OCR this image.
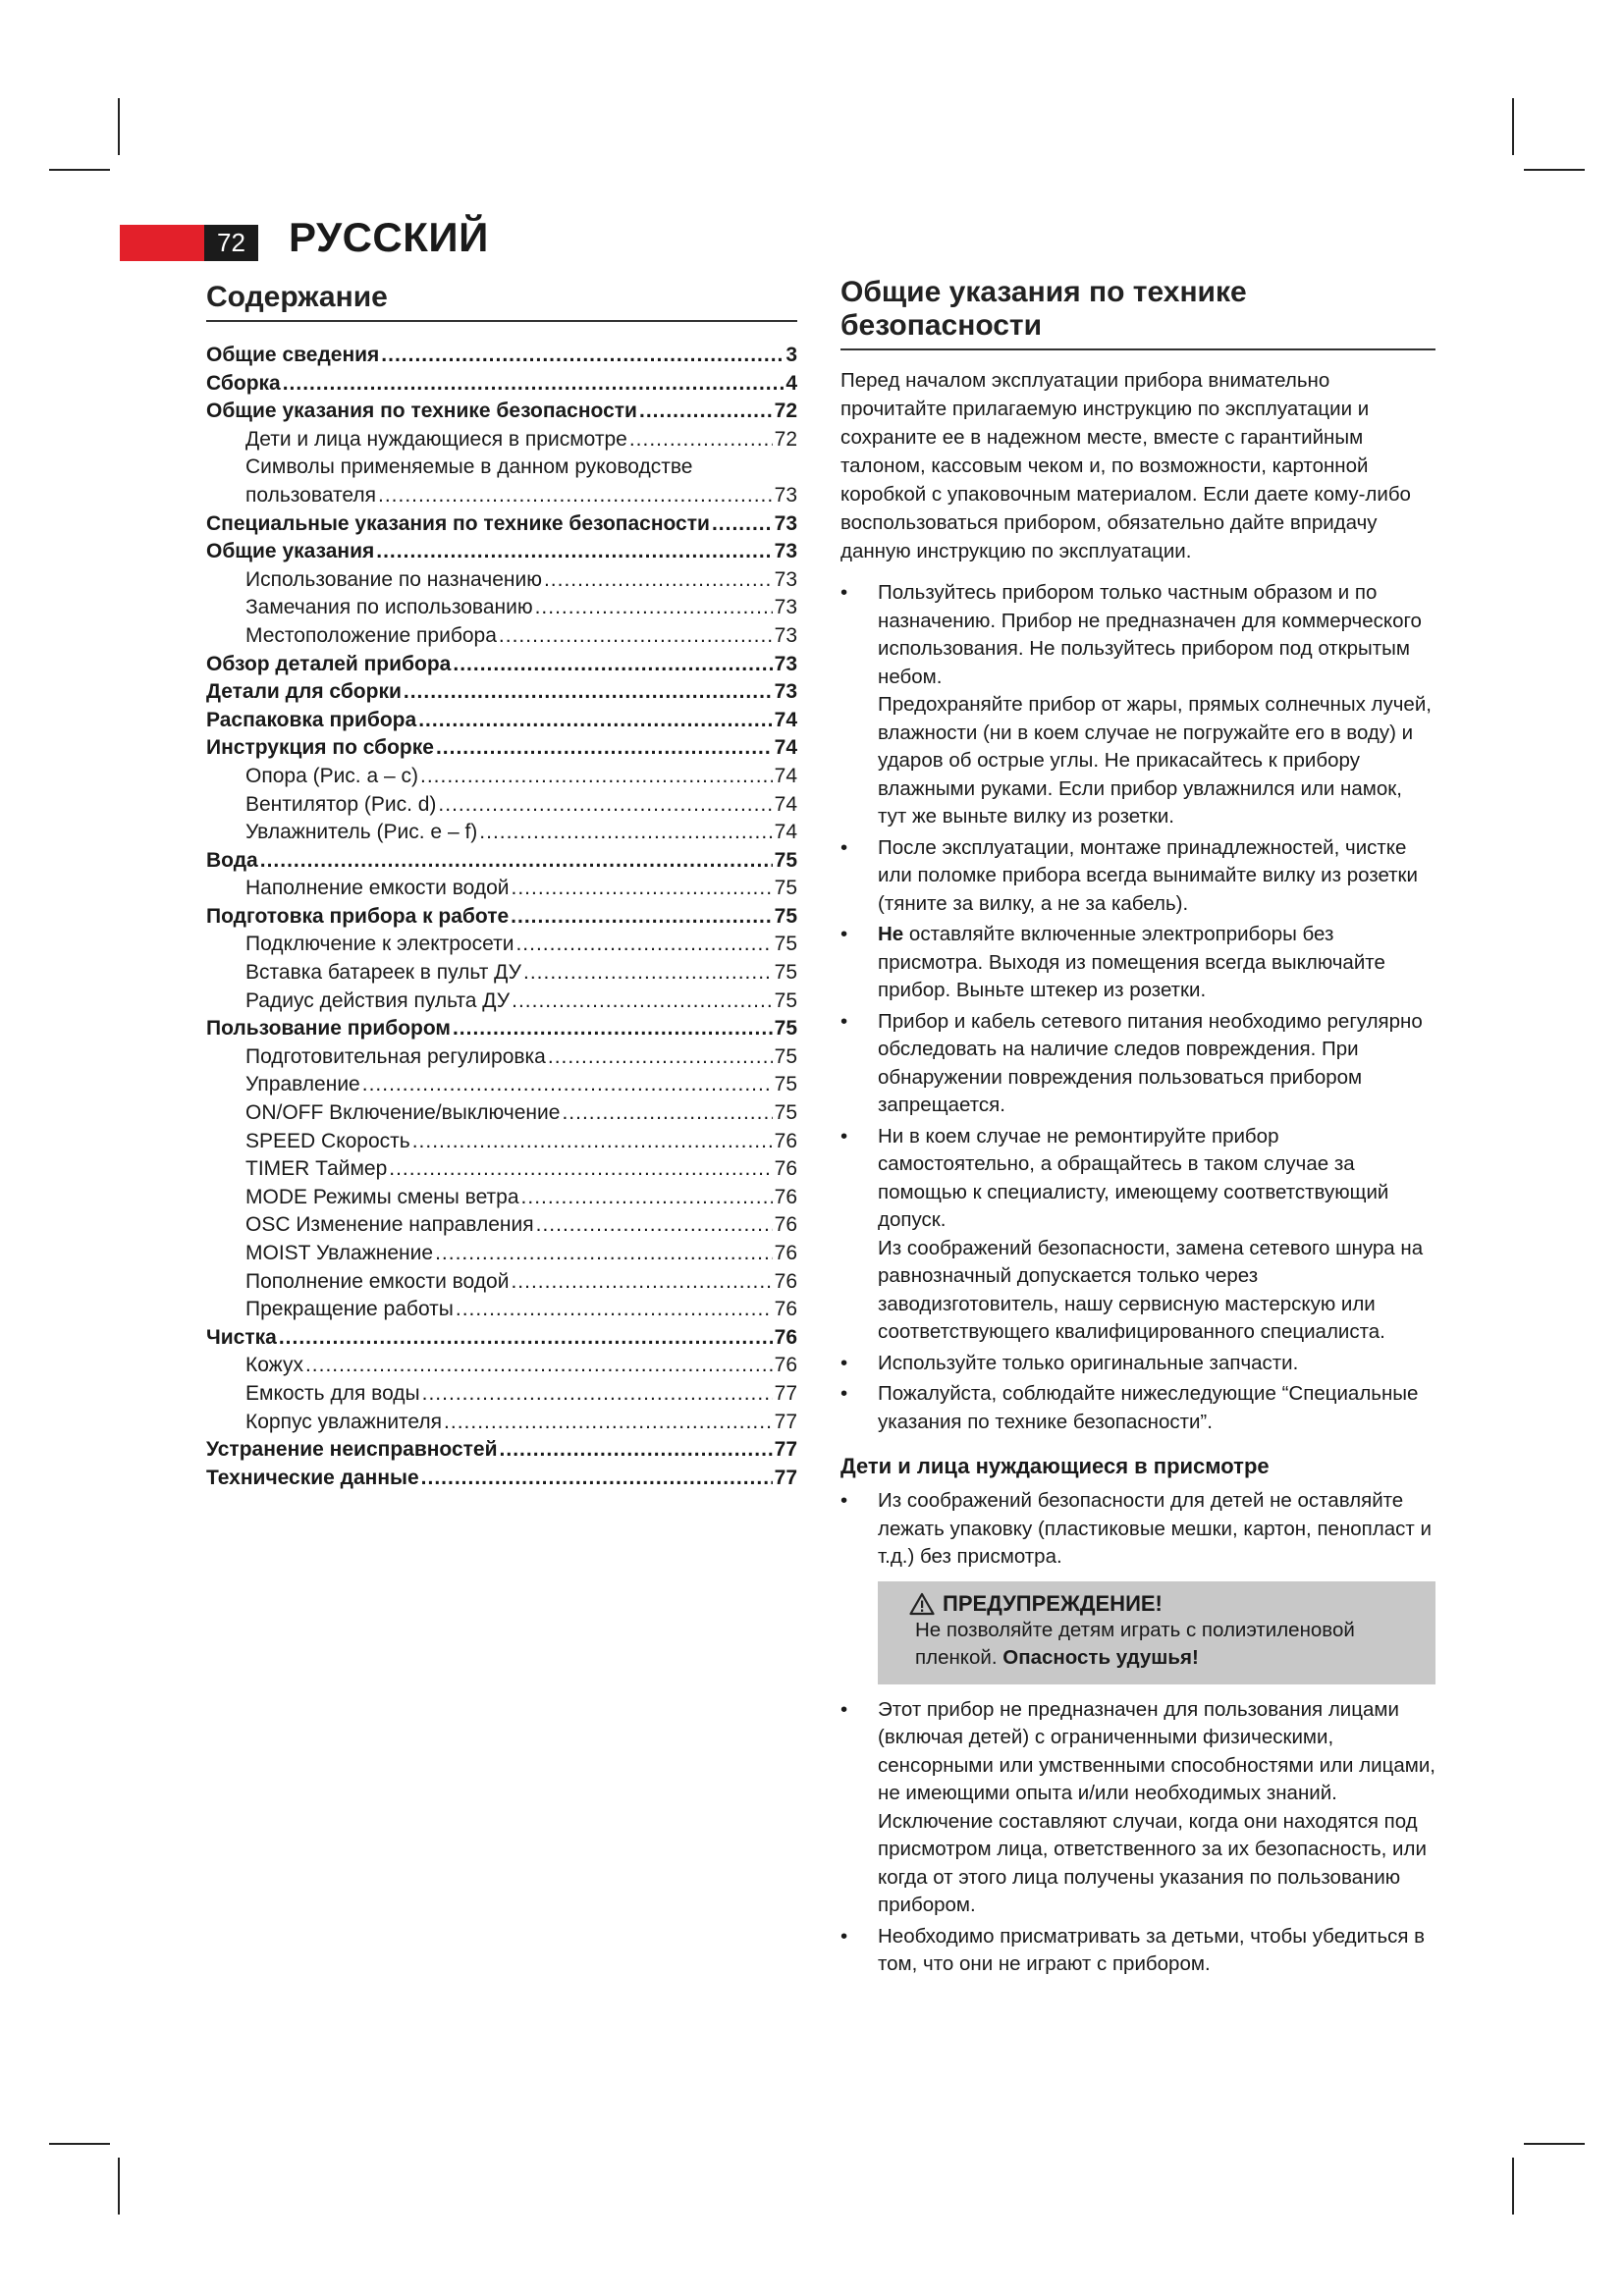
72	РУССКИЙ
Содержание
Общие сведения .....	3
Сборка .....	4
Общие указания по технике безопасности .....	72
Дети и лица нуждающиеся в присмотре .....	72
Символы применяемые в данном руководстве
пользователя .....	73
Специальные указания по технике безопасности .....	73
Общие указания .....	73
Использование по назначению .....	73
Замечания по использованию .....	73
Местоположение прибора .....	73
Обзор деталей прибора .....	73
Детали для сборки .....	73
Распаковка прибора .....	74
Инструкция по сборке .....	74
Опора (Рис. a – c) .....	74
Вентилятор (Рис. d) .....	74
Увлажнитель (Рис. e – f) .....	74
Вода .....	75
Наполнение емкости водой .....	75
Подготовка прибора к работе .....	75
Подключение к электросети .....	75
Вставка батареек в пульт ДУ .....	75
Радиус действия пульта ДУ .....	75
Пользование прибором .....	75
Подготовительная регулировка .....	75
Управление .....	75
ON/OFF Включение/выключение .....	75
SPEED Скорость .....	76
TIMER Таймер .....	76
MODE Режимы смены ветра .....	76
OSC Изменение направления .....	76
MOIST Увлажнение .....	76
Пополнение емкости водой .....	76
Прекращение работы .....	76
Чистка .....	76
Кожух .....	76
Емкость для воды .....	77
Корпус увлажнителя .....	77
Устранение неисправностей .....	77
Технические данные .....	77
Общие указания по технике безопасности

Перед началом эксплуатации прибора внимательно прочитайте прилагаемую инструкцию по эксплуатации и сохраните ее в надежном месте, вместе с гарантийным талоном, кассовым чеком и, по возможности, картонной коробкой с упаковочным материалом. Если даете кому-либо воспользоваться прибором, обязательно дайте впридачу данную инструкцию по эксплуатации.

• Пользуйтесь прибором только частным образом и по назначению. Прибор не предназначен для коммерческого использования. Не пользуйтесь прибором под открытым небом.

Предохраняйте прибор от жары, прямых солнечных лучей, влажности (ни в коем случае не погружайте его в воду) и ударов об острые углы. Не прикасайтесь к прибору влажными руками. Если прибор увлажнился или намок, тут же выньте вилку из розетки.

• После эксплуатации, монтаже принадлежностей, чистке или поломке прибора всегда вынимайте вилку из розетки (тяните за вилку, а не за кабель).

• Не оставляйте включенные электроприборы без присмотра. Выходя из помещения всегда выключайте прибор. Выньте штекер из розетки.

• Прибор и кабель сетевого питания необходимо регулярно обследовать на наличие следов повреждения. При обнаружении повреждения пользоваться прибором запрещается.

• Ни в коем случае не ремонтируйте прибор самостоятельно, а обращайтесь в таком случае за помощью к специалисту, имеющему соответствующий допуск.

Из соображений безопасности, замена сетевого шнура на равнозначный допускается только через заводизготовитель, нашу сервисную мастерскую или соответствующего квалифицированного специалиста.

• Используйте только оригинальные запчасти.

• Пожалуйста, соблюдайте нижеследующие “Специальные указания по технике безопасности”.

Дети и лица нуждающиеся в присмотре

• Из соображений безопасности для детей не оставляйте лежать упаковку (пластиковые мешки, картон, пенопласт и т.д.) без присмотра.

ПРЕДУПРЕЖДЕНИЕ!
Не позволяйте детям играть с полиэтиленовой пленкой. Опасность удушья!

• Этот прибор не предназначен для пользования лицами (включая детей) с ограниченными физическими, сенсорными или умственными способностями или лицами, не имеющими опыта и/или необходимых знаний. Исключение составляют случаи, когда они находятся под присмотром лица, ответственного за их безопасность, или когда от этого лица получены указания по пользованию прибором.

• Необходимо присматривать за детьми, чтобы убедиться в том, что они не играют с прибором.
